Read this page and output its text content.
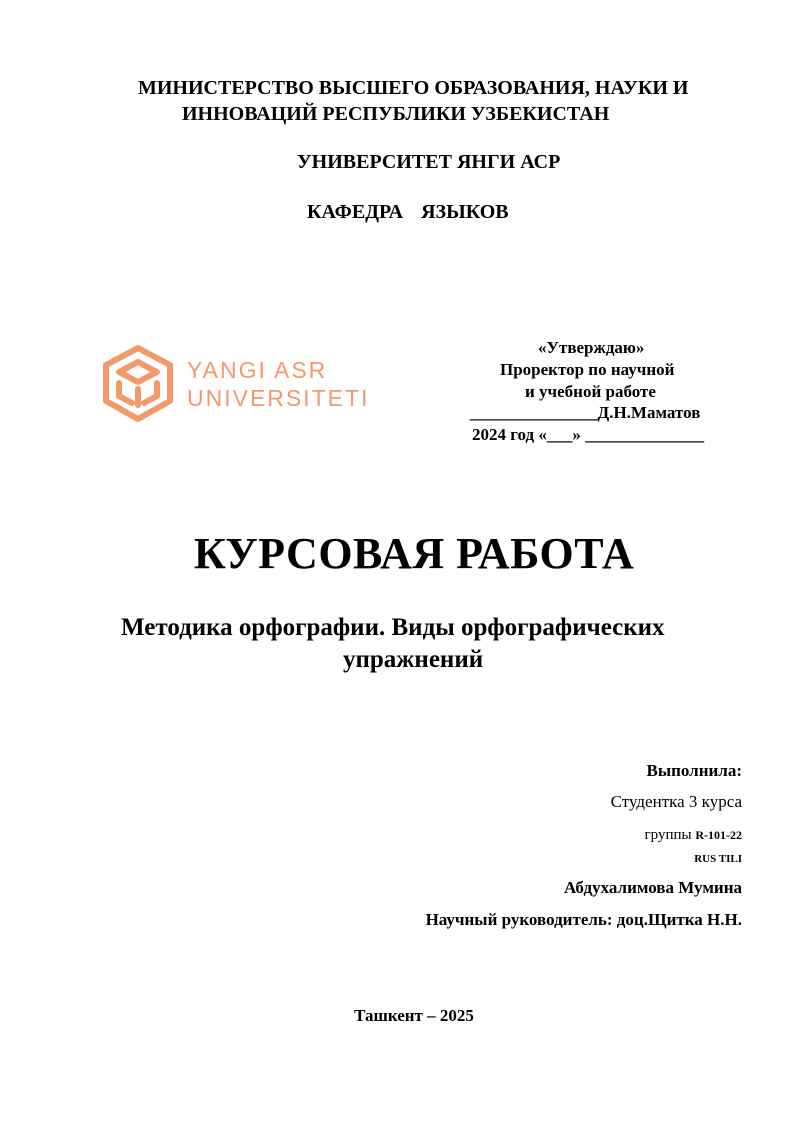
МИНИСТЕРСТВО ВЫСШЕГО ОБРАЗОВАНИЯ, НАУКИ И
ИННОВАЦИЙ РЕСПУБЛИКИ УЗБЕКИСТАН
УНИВЕРСИТЕТ ЯНГИ АСР
КАФЕДРА  ЯЗЫКОВ
YANGI ASR
UNIVERSITETI
«Утверждаю»
Проректор по научной
и учебной работе
_______________Д.Н.Маматов
2024 год «___» ______________
КУРСОВАЯ РАБОТА
Методика орфографии. Виды орфографических
упражнений
Выполнила:
Студентка 3 курса
группы R-101-22
RUS TILI
Абдухалимова Мумина
Научный руководитель: доц.Щитка Н.Н.
Ташкент – 2025
